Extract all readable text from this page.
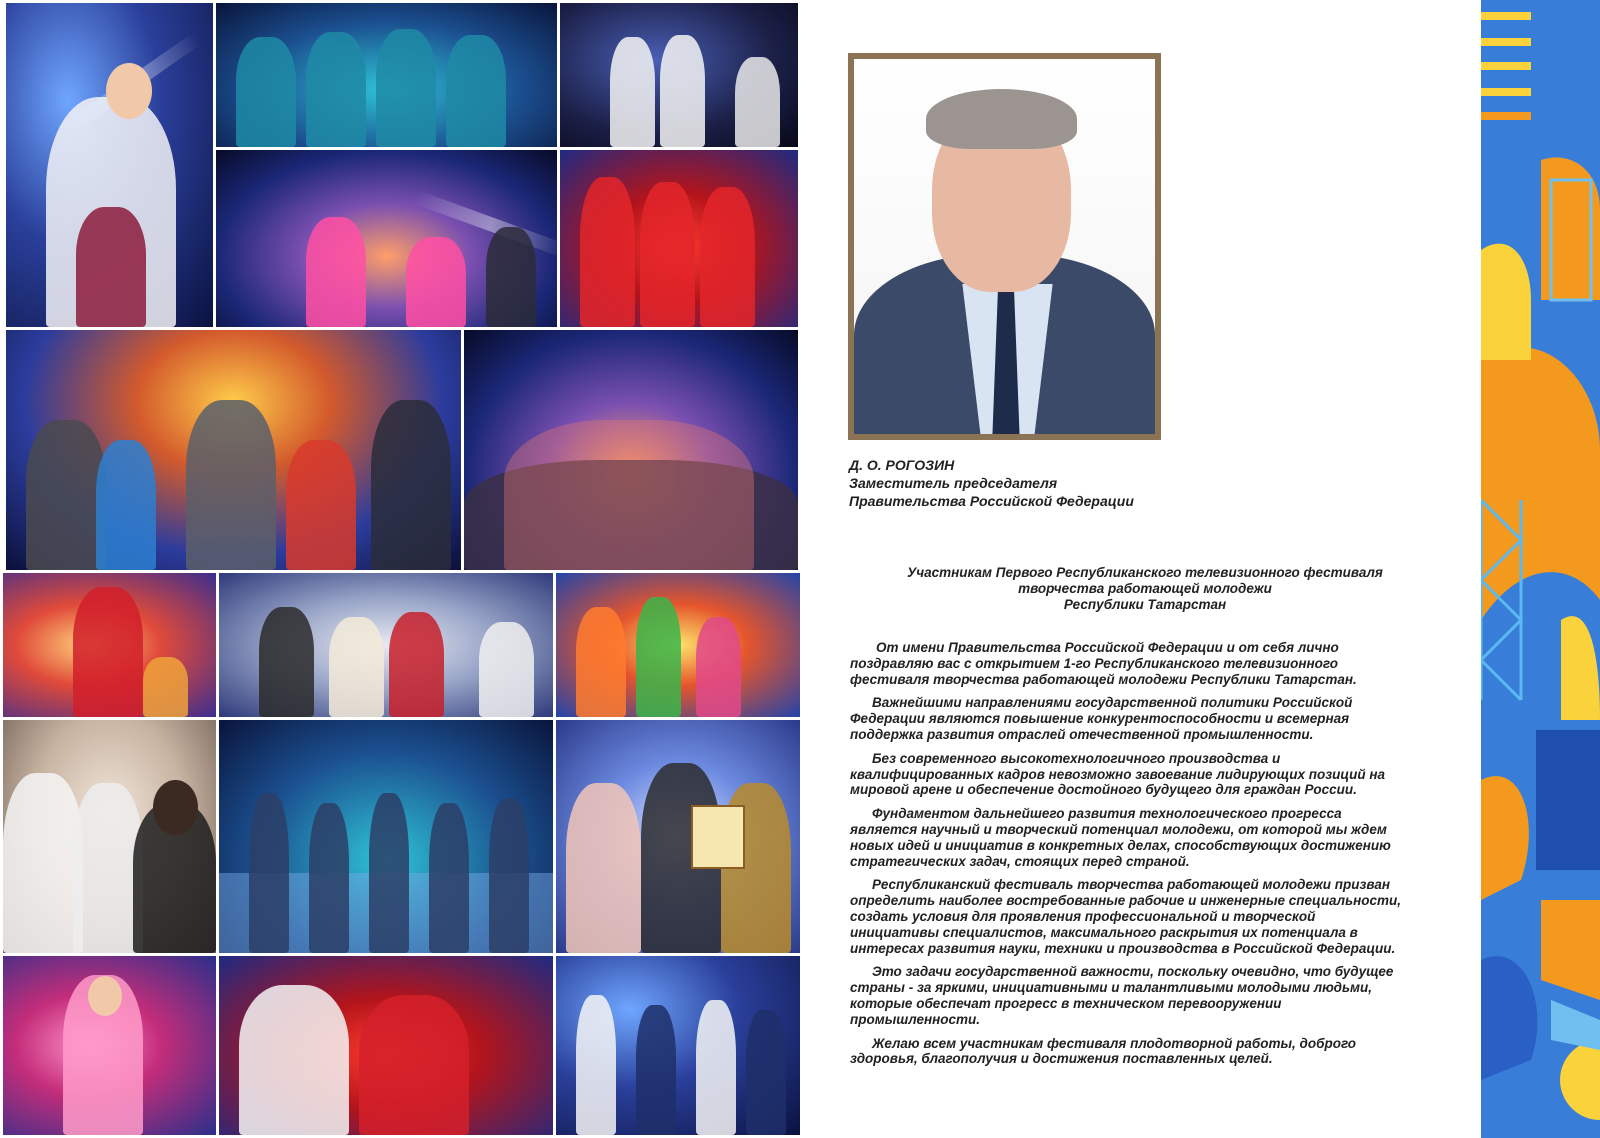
Д. О. РОГОЗИН
Заместитель председателя
Правительства Российской Федерации
Участникам Первого Республиканского телевизионного фестиваля
творчества работающей молодежи
Республики Татарстан
От имени Правительства Российской Федерации и от себя лично
поздравляю вас с открытием 1-го Республиканского телевизионного
фестиваля творчества работающей молодежи Республики Татарстан.
Важнейшими направлениями государственной политики Российской
Федерации являются повышение конкурентоспособности и всемерная
поддержка развития отраслей отечественной промышленности.
Без современного высокотехнологичного производства и
квалифицированных кадров невозможно завоевание лидирующих позиций на
мировой арене и обеспечение достойного будущего для граждан России.
Фундаментом дальнейшего развития технологического прогресса
является научный и творческий потенциал молодежи, от которой мы ждем
новых идей и инициатив в конкретных делах, способствующих достижению
стратегических задач, стоящих перед страной.
Республиканский фестиваль творчества работающей молодежи призван
определить наиболее востребованные рабочие и инженерные специальности,
создать условия для проявления профессиональной и творческой
инициативы специалистов, максимального раскрытия их потенциала в
интересах развития науки, техники и производства в Российской Федерации.
Это задачи государственной важности, поскольку очевидно, что будущее
страны - за яркими, инициативными и талантливыми молодыми людьми,
которые обеспечат прогресс в техническом перевооружении
промышленности.
Желаю всем участникам фестиваля плодотворной работы, доброго
здоровья, благополучия и достижения поставленных целей.
